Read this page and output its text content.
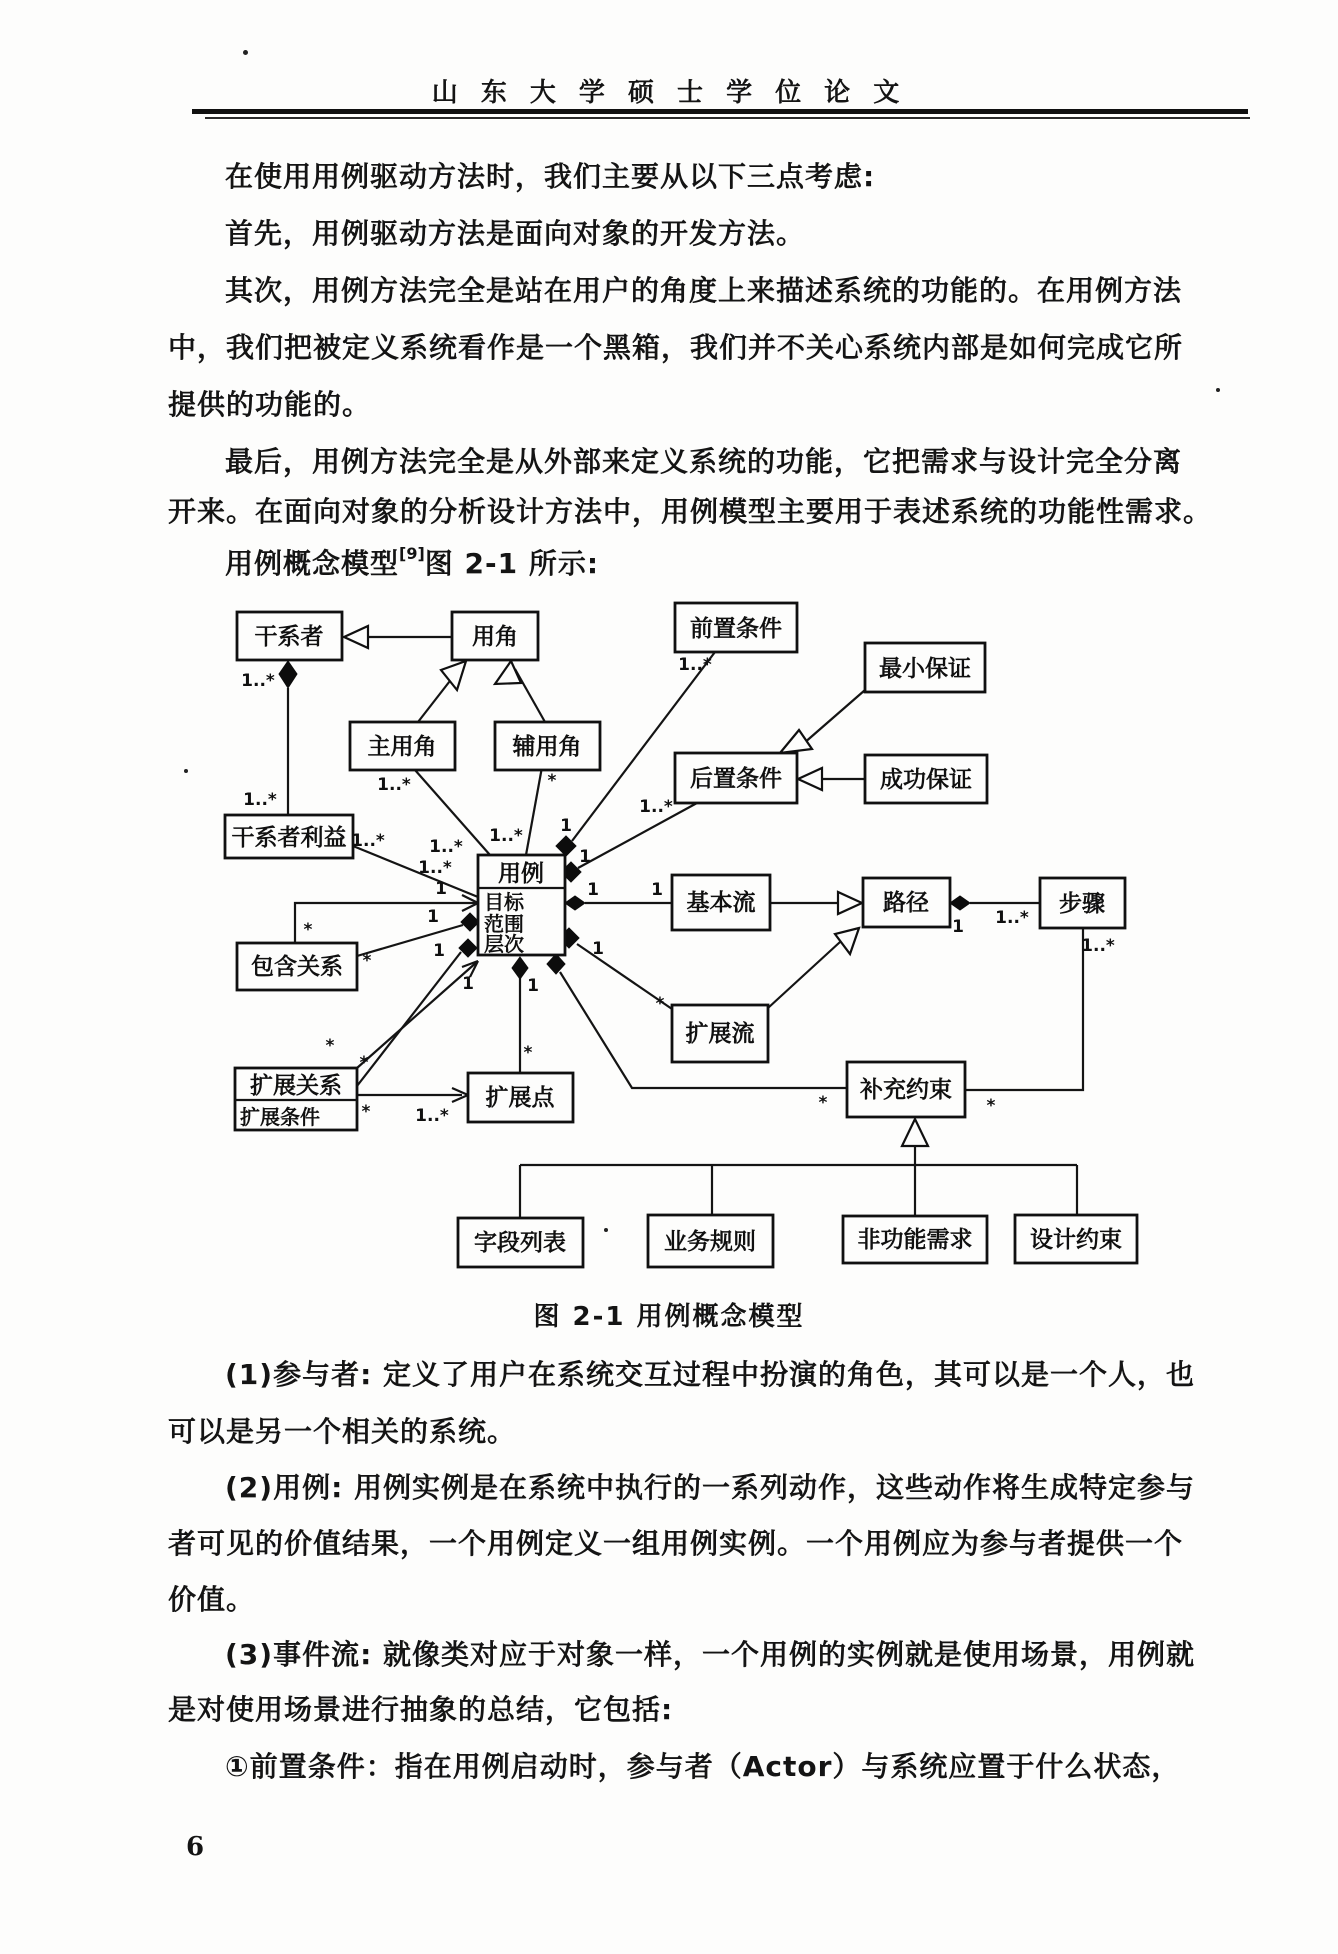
山 东 大 学 硕 士 学 位 论 文
在使用用例驱动方法时，我们主要从以下三点考虑:
首先，用例驱动方法是面向对象的开发方法。
其次，用例方法完全是站在用户的角度上来描述系统的功能的。在用例方法
中，我们把被定义系统看作是一个黑箱，我们并不关心系统内部是如何完成它所
提供的功能的。
最后，用例方法完全是从外部来定义系统的功能，它把需求与设计完全分离
开来。在面向对象的分析设计方法中，用例模型主要用于表述系统的功能性需求。
用例概念模型[9]图 2-1 所示:
干系者	用角	前置条件
最小保证
主用角	辅用角
后置条件	成功保证
干系者利益
用例
目标
范围
层次
基本流	路径	步骤
包含关系
扩展流
扩展关系
扩展条件
扩展点	补充约束
字段列表	业务规则	非功能需求	设计约束
1..*
1..*
1..*	*
1..*
1..*
1..*
1
1..*
1
1	1
1 1..*
1..*
*
1
*
1
*
*
*
1
*
1
1
1..*
1..*
*
1
*
*	1..*
图 2-1 用例概念模型
(1)参与者: 定义了用户在系统交互过程中扮演的角色，其可以是一个人，也
可以是另一个相关的系统。
(2)用例: 用例实例是在系统中执行的一系列动作，这些动作将生成特定参与
者可见的价值结果，一个用例定义一组用例实例。一个用例应为参与者提供一个
价值。
(3)事件流: 就像类对应于对象一样，一个用例的实例就是使用场景，用例就
是对使用场景进行抽象的总结，它包括:
①前置条件：指在用例启动时，参与者（Actor）与系统应置于什么状态，
6
